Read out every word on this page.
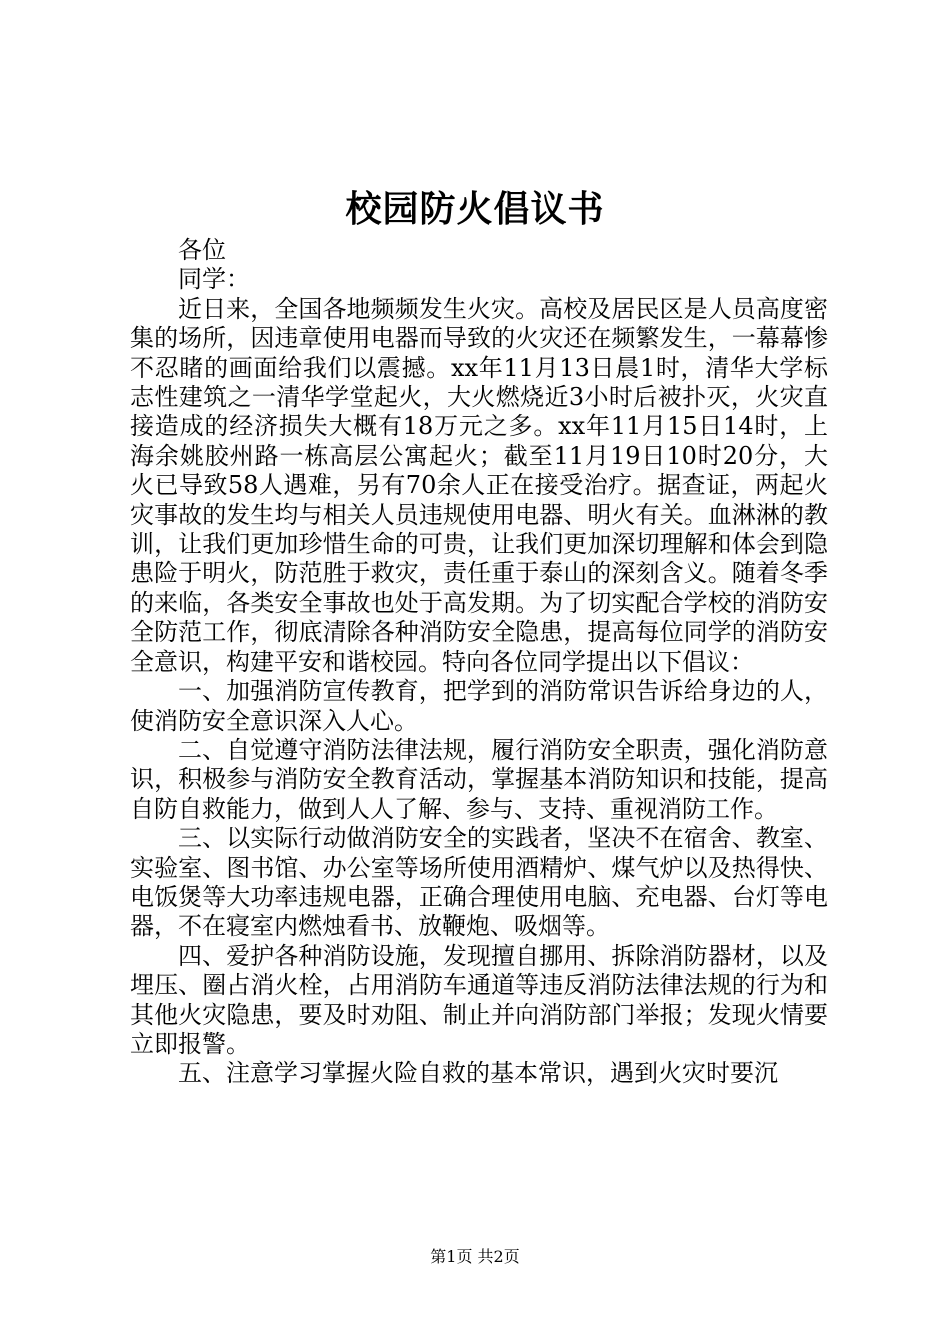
校园防火倡议书

各位

同学：

近日来，全国各地频频发生火灾。高校及居民区是人员高度密集的场所，因违章使用电器而导致的火灾还在频繁发生，一幕幕惨不忍睹的画面给我们以震撼。xx年11月13日晨1时，清华大学标志性建筑之一清华学堂起火，大火燃烧近3小时后被扑灭，火灾直接造成的经济损失大概有18万元之多。xx年11月15日14时，上海余姚胶州路一栋高层公寓起火；截至11月19日10时20分，大火已导致58人遇难，另有70余人正在接受治疗。据查证，两起火灾事故的发生均与相关人员违规使用电器、明火有关。血淋淋的教训，让我们更加珍惜生命的可贵，让我们更加深切理解和体会到隐患险于明火，防范胜于救灾，责任重于泰山的深刻含义。随着冬季的来临，各类安全事故也处于高发期。为了切实配合学校的消防安全防范工作，彻底清除各种消防安全隐患，提高每位同学的消防安全意识，构建平安和谐校园。特向各位同学提出以下倡议：

一、加强消防宣传教育，把学到的消防常识告诉给身边的人，使消防安全意识深入人心。

二、自觉遵守消防法律法规，履行消防安全职责，强化消防意识，积极参与消防安全教育活动，掌握基本消防知识和技能，提高自防自救能力，做到人人了解、参与、支持、重视消防工作。

三、以实际行动做消防安全的实践者，坚决不在宿舍、教室、实验室、图书馆、办公室等场所使用酒精炉、煤气炉以及热得快、电饭煲等大功率违规电器，正确合理使用电脑、充电器、台灯等电器，不在寝室内燃烛看书、放鞭炮、吸烟等。

四、爱护各种消防设施，发现擅自挪用、拆除消防器材，以及埋压、圈占消火栓，占用消防车通道等违反消防法律法规的行为和其他火灾隐患，要及时劝阻、制止并向消防部门举报；发现火情要立即报警。

五、注意学习掌握火险自救的基本常识，遇到火灾时要沉

第1页 共2页
